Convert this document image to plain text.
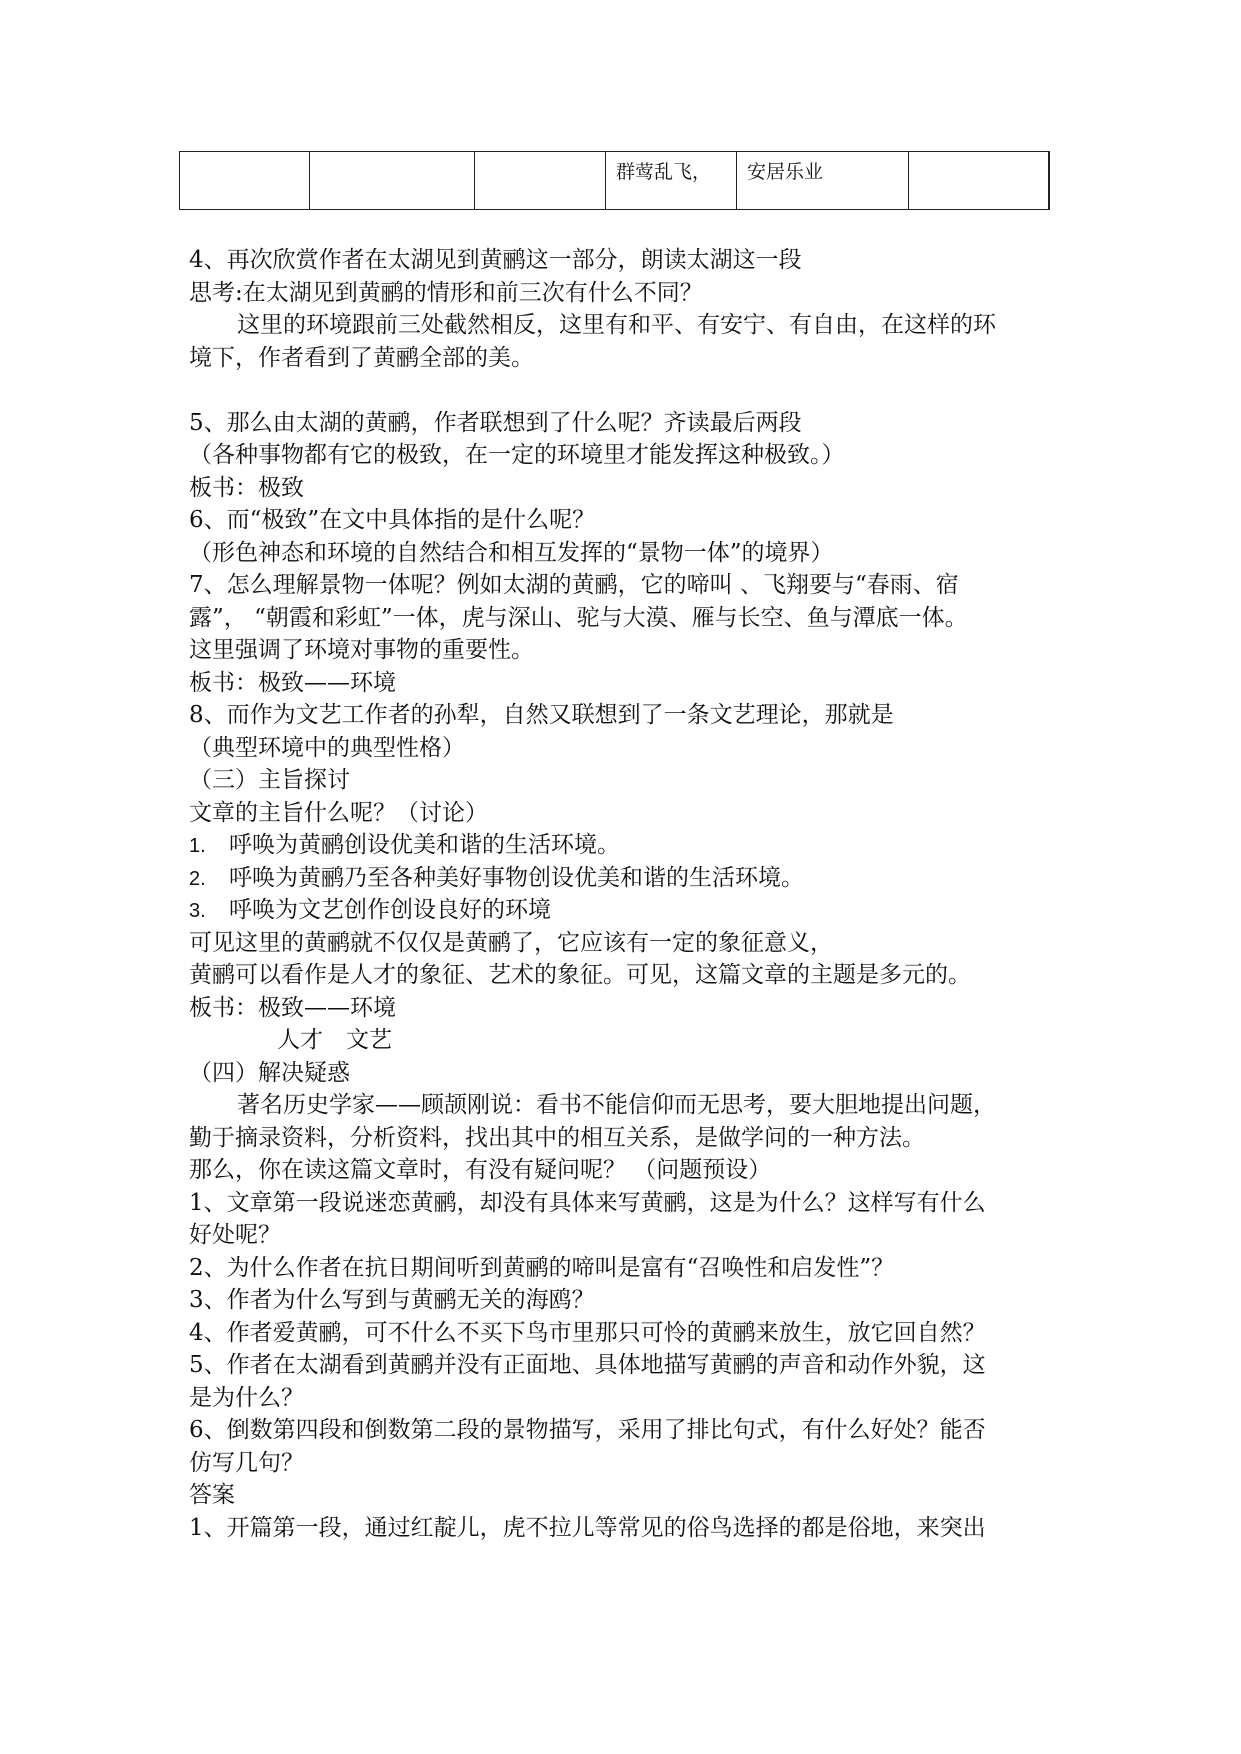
			群莺乱飞，	安居乐业	
4、再次欣赏作者在太湖见到黄鹂这一部分，朗读太湖这一段
思考:在太湖见到黄鹂的情形和前三次有什么不同？
这里的环境跟前三处截然相反，这里有和平、有安宁、有自由，在这样的环
境下，作者看到了黄鹂全部的美。
5、那么由太湖的黄鹂，作者联想到了什么呢？齐读最后两段
（各种事物都有它的极致，在一定的环境里才能发挥这种极致。）
板书：极致
6、而“极致”在文中具体指的是什么呢？
（形色神态和环境的自然结合和相互发挥的“景物一体”的境界）
7、怎么理解景物一体呢？例如太湖的黄鹂，它的啼叫 、飞翔要与“春雨、宿
露”， “朝霞和彩虹”一体，虎与深山、驼与大漠、雁与长空、鱼与潭底一体。
这里强调了环境对事物的重要性。
板书：极致——环境
8、而作为文艺工作者的孙犁，自然又联想到了一条文艺理论，那就是
（典型环境中的典型性格）
（三）主旨探讨
文章的主旨什么呢？（讨论）
1. 呼唤为黄鹂创设优美和谐的生活环境。
2. 呼唤为黄鹂乃至各种美好事物创设优美和谐的生活环境。
3. 呼唤为文艺创作创设良好的环境
可见这里的黄鹂就不仅仅是黄鹂了，它应该有一定的象征意义，
黄鹂可以看作是人才的象征、艺术的象征。可见，这篇文章的主题是多元的。
板书：极致——环境
人才　文艺
（四）解决疑惑
著名历史学家——顾颉刚说：看书不能信仰而无思考，要大胆地提出问题，
勤于摘录资料，分析资料，找出其中的相互关系，是做学问的一种方法。
那么，你在读这篇文章时，有没有疑问呢？ （问题预设）
1、文章第一段说迷恋黄鹂，却没有具体来写黄鹂，这是为什么？这样写有什么
好处呢？
2、为什么作者在抗日期间听到黄鹂的啼叫是富有“召唤性和启发性”？
3、作者为什么写到与黄鹂无关的海鸥？
4、作者爱黄鹂，可不什么不买下鸟市里那只可怜的黄鹂来放生，放它回自然？
5、作者在太湖看到黄鹂并没有正面地、具体地描写黄鹂的声音和动作外貌，这
是为什么？
6、倒数第四段和倒数第二段的景物描写，采用了排比句式，有什么好处？能否
仿写几句？
答案
1、开篇第一段，通过红靛儿，虎不拉儿等常见的俗鸟选择的都是俗地，来突出
